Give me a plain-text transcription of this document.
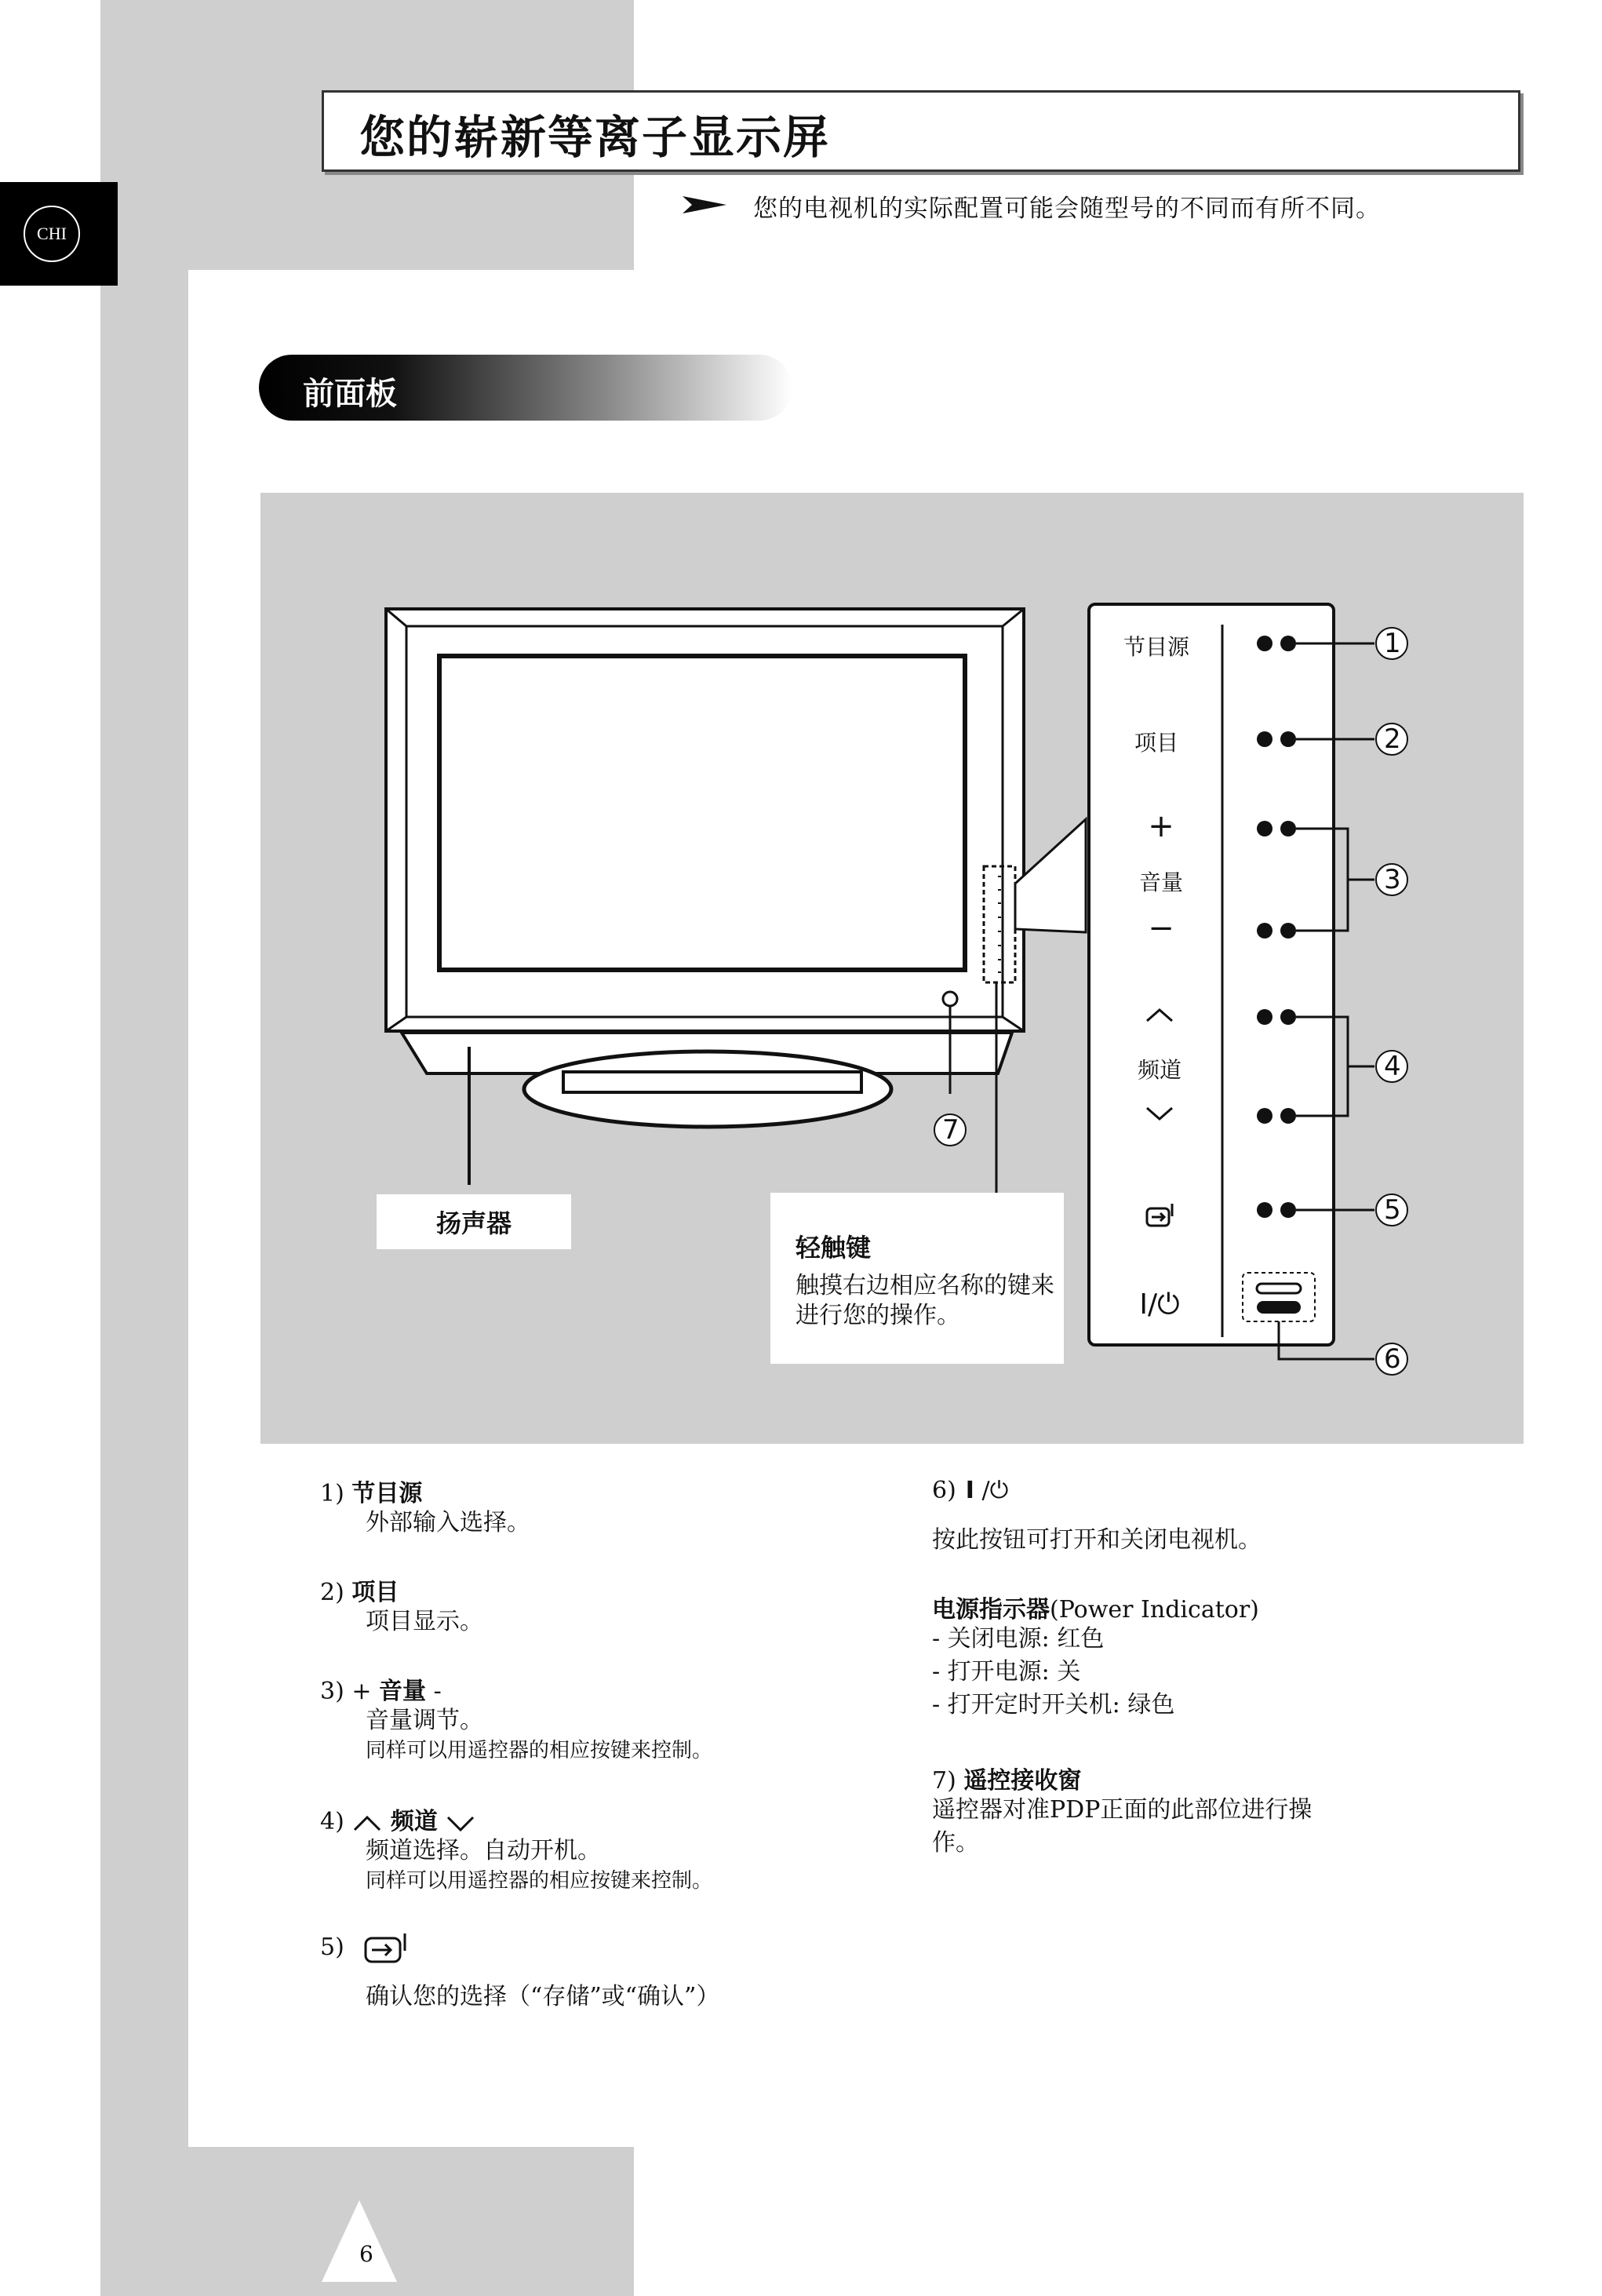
CHI
您的崭新等离子显示屏
您的电视机的实际配置可能会随型号的不同而有所不同。
前面板
节目源
项目
+
音量
−
频道
I/⏻
1
2
3
4
5
6
7
扬声器
轻触键
触摸右边相应名称的键来进行您的操作。
1) 节目源
外部输入选择。
2) 项目
项目显示。
3) + 音量 -
音量调节。
同样可以用遥控器的相应按键来控制。
4) 频道
频道选择。自动开机。
同样可以用遥控器的相应按键来控制。
5)
确认您的选择（“存储”或“确认”）
6) I /⏻
按此按钮可打开和关闭电视机。
电源指示器(Power Indicator)
- 关闭电源: 红色
- 打开电源: 关
- 打开定时开关机: 绿色
7) 遥控接收窗
遥控器对准PDP正面的此部位进行操
作。
6
